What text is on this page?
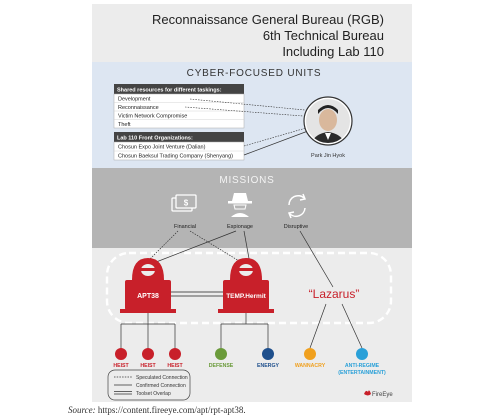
Reconnaissance General Bureau (RGB)
6th Technical Bureau
Including Lab 110
CYBER-FOCUSED UNITS
Shared resources for different taskings:
Development
Reconnaissance
Victim Network Compromise
Theft
Lab 110 Front Organizations:
Chosun Expo Joint Venture (Dalian)
Chosun Baeksul Trading Company (Shenyang)	Park Jin Hyok
MISSIONS
$
Financial	Espionage	Disruptive
APT38	TEMP.Hermit	“Lazarus”
HEIST HEIST HEIST	DEFENSE	ENERGY	WANNACRY	ANTI-REGIME
(ENTERTAINMENT)
Speculated Connection
Confirmed Connection
Toolset Overlap	FireEye
Source: https://content.fireeye.com/apt/rpt-apt38.
